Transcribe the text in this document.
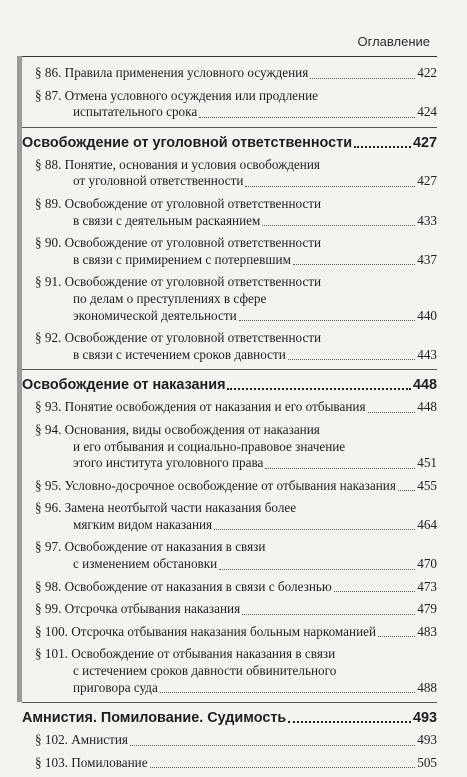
Оглавление
§ 86. Правила применения условного осуждения	422
§ 87. Отмена условного осуждения или продление
испытательного срока	424
Освобождение от уголовной ответственности	427
§ 88. Понятие, основания и условия освобождения
от уголовной ответственности	427
§ 89. Освобождение от уголовной ответственности
в связи с деятельным раскаянием	433
§ 90. Освобождение от уголовной ответственности
в связи с примирением с потерпевшим	437
§ 91. Освобождение от уголовной ответственности
по делам о преступлениях в сфере
экономической деятельности	440
§ 92. Освобождение от уголовной ответственности
в связи с истечением сроков давности	443
Освобождение от наказания	448
§ 93. Понятие освобождения от наказания и его отбывания	448
§ 94. Основания, виды освобождения от наказания
и его отбывания и социально-правовое значение
этого института уголовного права	451
§ 95. Условно-досрочное освобождение от отбывания наказания 455
§ 96. Замена неотбытой части наказания более
мягким видом наказания	464
§ 97. Освобождение от наказания в связи
с изменением обстановки	470
§ 98. Освобождение от наказания в связи с болезнью	473
§ 99. Отсрочка отбывания наказания	479
§ 100. Отсрочка отбывания наказания больным наркоманией	483
§ 101. Освобождение от отбывания наказания в связи
с истечением сроков давности обвинительного
приговора суда	488
Амнистия. Помилование. Судимость	493
§ 102. Амнистия	493
§ 103. Помилование	505
